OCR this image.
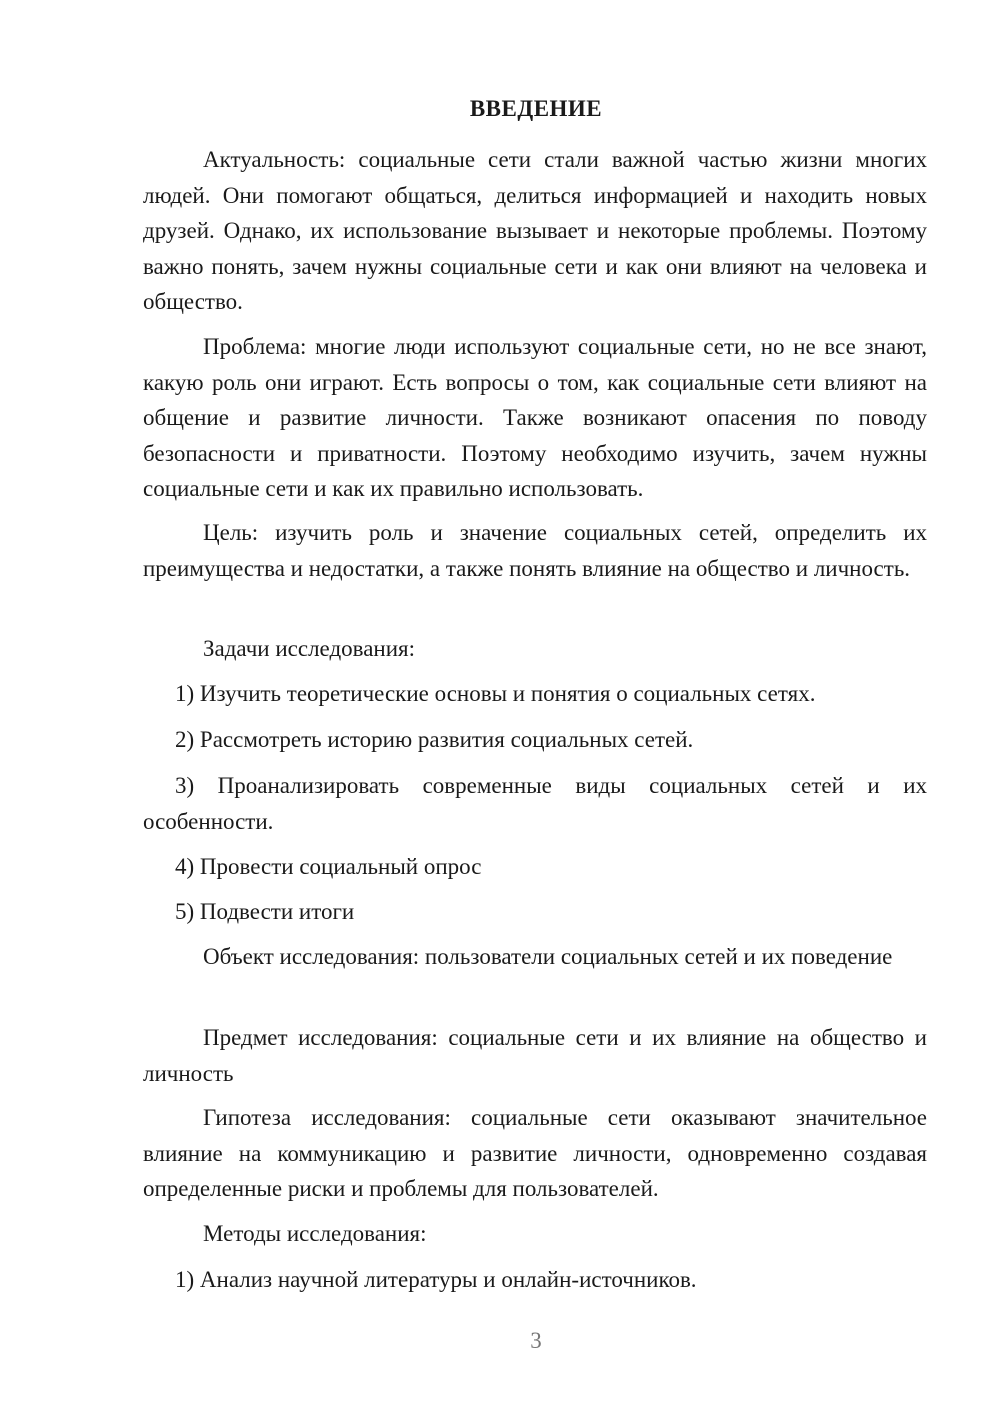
ВВЕДЕНИЕ

Актуальность: социальные сети стали важной частью жизни многих людей. Они помогают общаться, делиться информацией и находить новых друзей. Однако, их использование вызывает и некоторые проблемы. Поэтому важно понять, зачем нужны социальные сети и как они влияют на человека и общество.

Проблема: многие люди используют социальные сети, но не все знают, какую роль они играют. Есть вопросы о том, как социальные сети влияют на общение и развитие личности. Также возникают опасения по поводу безопасности и приватности. Поэтому необходимо изучить, зачем нужны социальные сети и как их правильно использовать.

Цель: изучить роль и значение социальных сетей, определить их преимущества и недостатки, а также понять влияние на общество и личность.

Задачи исследования:

1) Изучить теоретические основы и понятия о социальных сетях.

2) Рассмотреть историю развития социальных сетей.

3) Проанализировать современные виды социальных сетей и их особенности.

4) Провести социальный опрос

5) Подвести итоги

Объект исследования: пользователи социальных сетей и их поведение

Предмет исследования: социальные сети и их влияние на общество и личность

Гипотеза исследования: социальные сети оказывают значительное влияние на коммуникацию и развитие личности, одновременно создавая определенные риски и проблемы для пользователей.

Методы исследования:

1) Анализ научной литературы и онлайн-источников.

3
